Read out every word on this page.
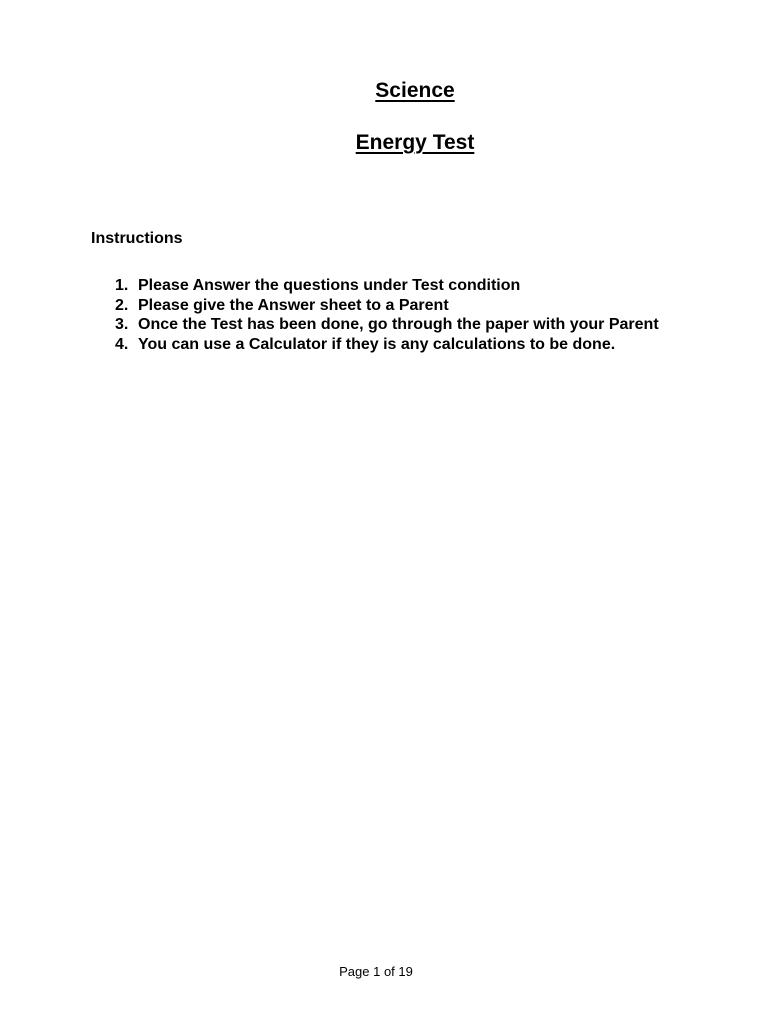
Science
Energy Test
Instructions
1. Please Answer the questions under Test condition
2. Please give the Answer sheet to a Parent
3. Once the Test has been done, go through the paper with your Parent
4. You can use a Calculator if they is any calculations to be done.
Page 1 of 19
